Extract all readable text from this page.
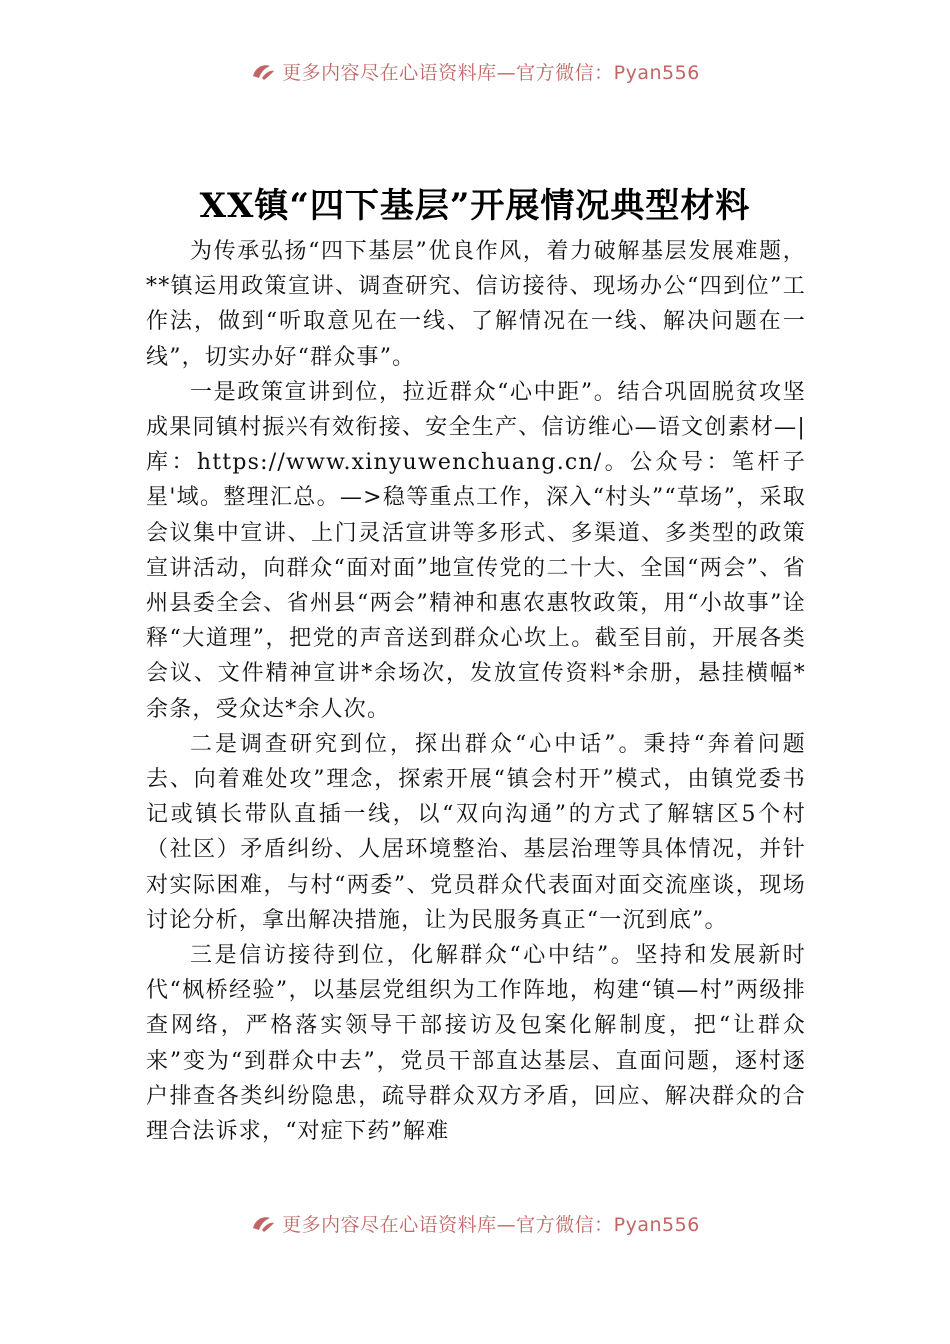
更多内容尽在心语资料库—官方微信：Pyan556
XX镇“四下基层”开展情况典型材料

为传承弘扬“四下基层”优良作风，着力破解基层发展难题，**镇运用政策宣讲、调查研究、信访接待、现场办公“四到位”工作法，做到“听取意见在一线、了解情况在一线、解决问题在一线”，切实办好“群众事”。

一是政策宣讲到位，拉近群众“心中距”。结合巩固脱贫攻坚成果同镇村振兴有效衔接、安全生产、信访维心—语文创素材—|库：https://www.xinyuwenchuang.cn/。公众号：笔杆子星'域。整理汇总。—>稳等重点工作，深入“村头”“草场”，采取会议集中宣讲、上门灵活宣讲等多形式、多渠道、多类型的政策宣讲活动，向群众“面对面”地宣传党的二十大、全国“两会”、省州县委全会、省州县“两会”精神和惠农惠牧政策，用“小故事”诠释“大道理”，把党的声音送到群众心坎上。截至目前，开展各类会议、文件精神宣讲*余场次，发放宣传资料*余册，悬挂横幅*余条，受众达*余人次。

二是调查研究到位，探出群众“心中话”。秉持“奔着问题去、向着难处攻”理念，探索开展“镇会村开”模式，由镇党委书记或镇长带队直插一线，以“双向沟通”的方式了解辖区5个村（社区）矛盾纠纷、人居环境整治、基层治理等具体情况，并针对实际困难，与村“两委”、党员群众代表面对面交流座谈，现场讨论分析，拿出解决措施，让为民服务真正“一沉到底”。

三是信访接待到位，化解群众“心中结”。坚持和发展新时代“枫桥经验”，以基层党组织为工作阵地，构建“镇—村”两级排查网络，严格落实领导干部接访及包案化解制度，把“让群众来”变为“到群众中去”，党员干部直达基层、直面问题，逐村逐户排查各类纠纷隐患，疏导群众双方矛盾，回应、解决群众的合理合法诉求，“对症下药”解难

更多内容尽在心语资料库—官方微信：Pyan556
